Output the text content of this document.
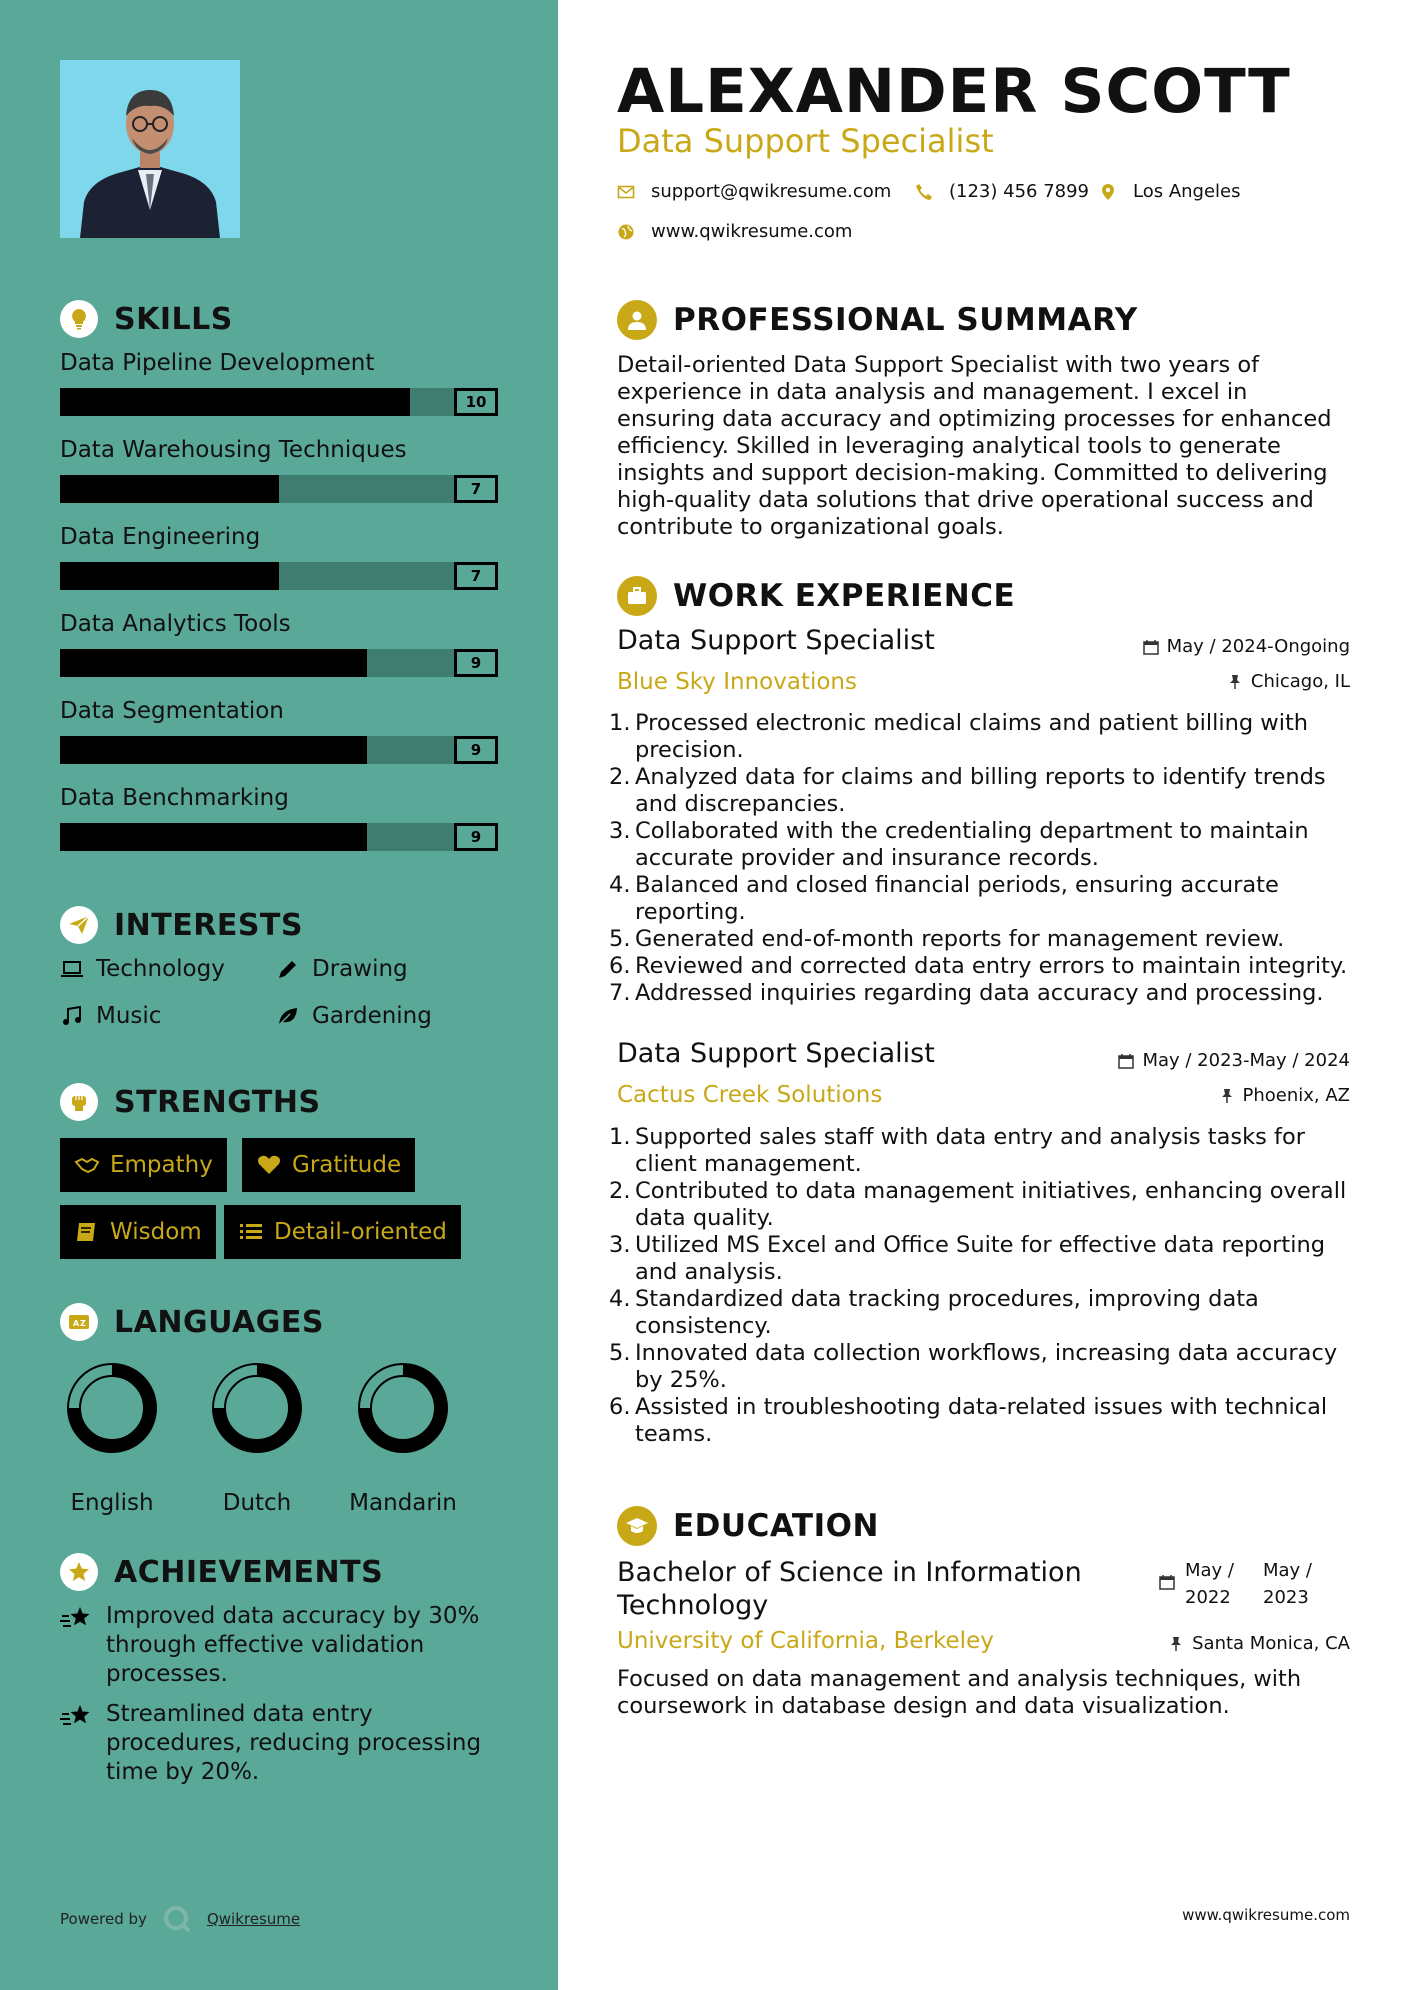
SKILLS
Data Pipeline Development
10
Data Warehousing Techniques
7
Data Engineering
7
Data Analytics Tools
9
Data Segmentation
9
Data Benchmarking
9
INTERESTS
Technology	Drawing
Music	Gardening
STRENGTHS
Empathy	Gratitude
Wisdom	Detail-oriented
A Z LANGUAGES
English	Dutch	Mandarin
ACHIEVEMENTS
Improved data accuracy by 30% through effective validation processes.
Streamlined data entry procedures, reducing processing time by 20%.
Powered by	Qwikresume
ALEXANDER SCOTT
Data Support Specialist
support@qwikresume.com	(123) 456 7899 Los Angeles
www.qwikresume.com
PROFESSIONAL SUMMARY
Detail-oriented Data Support Specialist with two years of experience in data analysis and management. I excel in ensuring data accuracy and optimizing processes for enhanced efficiency. Skilled in leveraging analytical tools to generate insights and support decision-making. Committed to delivering high-quality data solutions that drive operational success and contribute to organizational goals.
WORK EXPERIENCE
Data Support Specialist	May / 2024-Ongoing
Blue Sky Innovations	Chicago, IL
1. Processed electronic medical claims and patient billing with precision.
2. Analyzed data for claims and billing reports to identify trends and discrepancies.
3. Collaborated with the credentialing department to maintain accurate provider and insurance records.
4. Balanced and closed financial periods, ensuring accurate reporting.
5. Generated end-of-month reports for management review.
6. Reviewed and corrected data entry errors to maintain integrity.
7. Addressed inquiries regarding data accuracy and processing.
Data Support Specialist	May / 2023-May / 2024
Cactus Creek Solutions	Phoenix, AZ
1. Supported sales staff with data entry and analysis tasks for client management.
2. Contributed to data management initiatives, enhancing overall data quality.
3. Utilized MS Excel and Office Suite for effective data reporting and analysis.
4. Standardized data tracking procedures, improving data consistency.
5. Innovated data collection workflows, increasing data accuracy by 25%.
6. Assisted in troubleshooting data-related issues with technical teams.
EDUCATION
Bachelor of Science in Information Technology
May / 2022
May / 2023
University of California, Berkeley	Santa Monica, CA
Focused on data management and analysis techniques, with coursework in database design and data visualization.
www.qwikresume.com
